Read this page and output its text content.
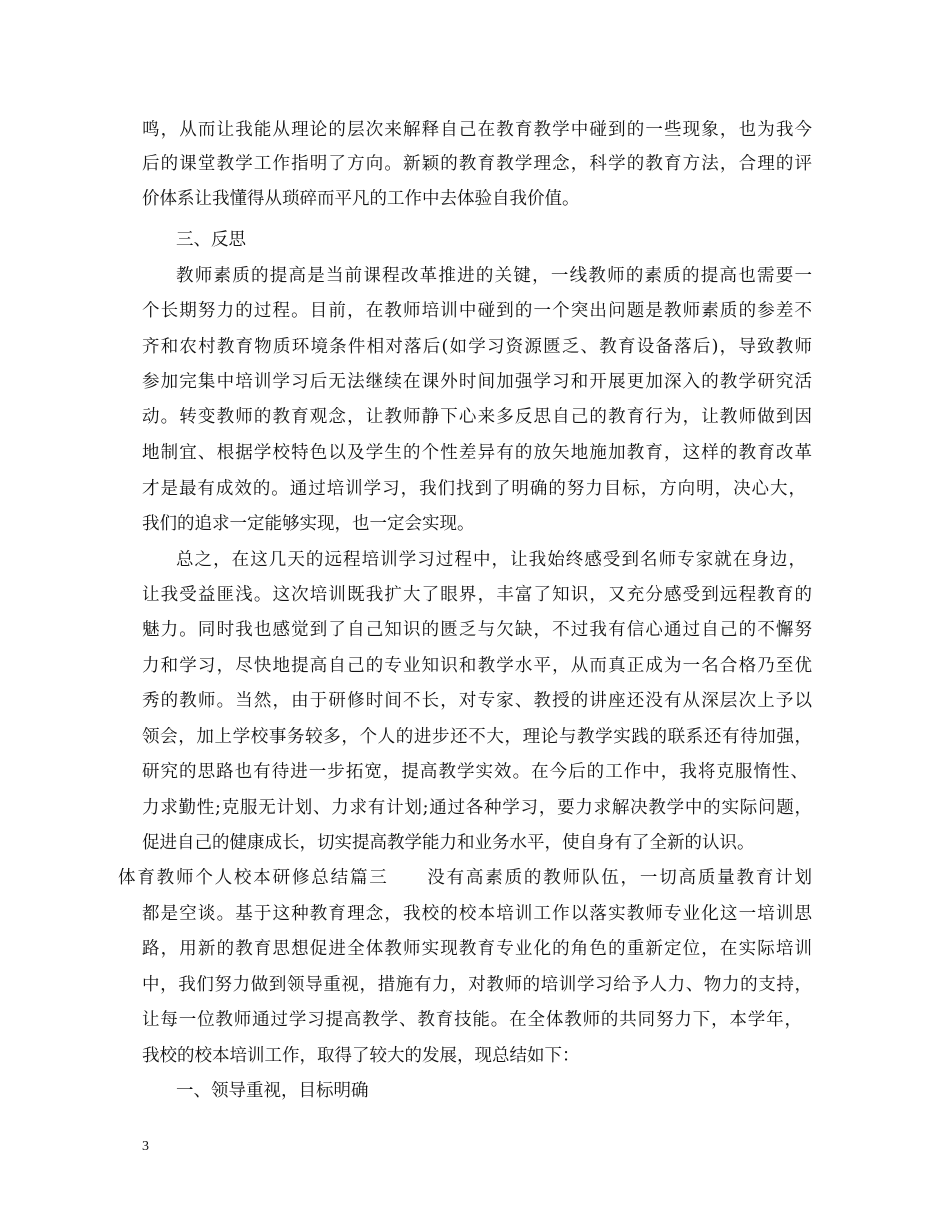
鸣，从而让我能从理论的层次来解释自己在教育教学中碰到的一些现象，也为我今
后的课堂教学工作指明了方向。新颖的教育教学理念，科学的教育方法，合理的评
价体系让我懂得从琐碎而平凡的工作中去体验自我价值。
三、反思
教师素质的提高是当前课程改革推进的关键，一线教师的素质的提高也需要一
个长期努力的过程。目前，在教师培训中碰到的一个突出问题是教师素质的参差不
齐和农村教育物质环境条件相对落后(如学习资源匮乏、教育设备落后)，导致教师
参加完集中培训学习后无法继续在课外时间加强学习和开展更加深入的教学研究活
动。转变教师的教育观念，让教师静下心来多反思自己的教育行为，让教师做到因
地制宜、根据学校特色以及学生的个性差异有的放矢地施加教育，这样的教育改革
才是最有成效的。通过培训学习，我们找到了明确的努力目标，方向明，决心大，
我们的追求一定能够实现，也一定会实现。
总之，在这几天的远程培训学习过程中，让我始终感受到名师专家就在身边，
让我受益匪浅。这次培训既我扩大了眼界，丰富了知识，又充分感受到远程教育的
魅力。同时我也感觉到了自己知识的匮乏与欠缺，不过我有信心通过自己的不懈努
力和学习，尽快地提高自己的专业知识和教学水平，从而真正成为一名合格乃至优
秀的教师。当然，由于研修时间不长，对专家、教授的讲座还没有从深层次上予以
领会，加上学校事务较多，个人的进步还不大，理论与教学实践的联系还有待加强，
研究的思路也有待进一步拓宽，提高教学实效。在今后的工作中，我将克服惰性、
力求勤性;克服无计划、力求有计划;通过各种学习，要力求解决教学中的实际问题，
促进自己的健康成长，切实提高教学能力和业务水平，使自身有了全新的认识。
体育教师个人校本研修总结篇三　　没有高素质的教师队伍，一切高质量教育计划
都是空谈。基于这种教育理念，我校的校本培训工作以落实教师专业化这一培训思
路，用新的教育思想促进全体教师实现教育专业化的角色的重新定位，在实际培训
中，我们努力做到领导重视，措施有力，对教师的培训学习给予人力、物力的支持，
让每一位教师通过学习提高教学、教育技能。在全体教师的共同努力下，本学年，
我校的校本培训工作，取得了较大的发展，现总结如下：
一、领导重视，目标明确
3
